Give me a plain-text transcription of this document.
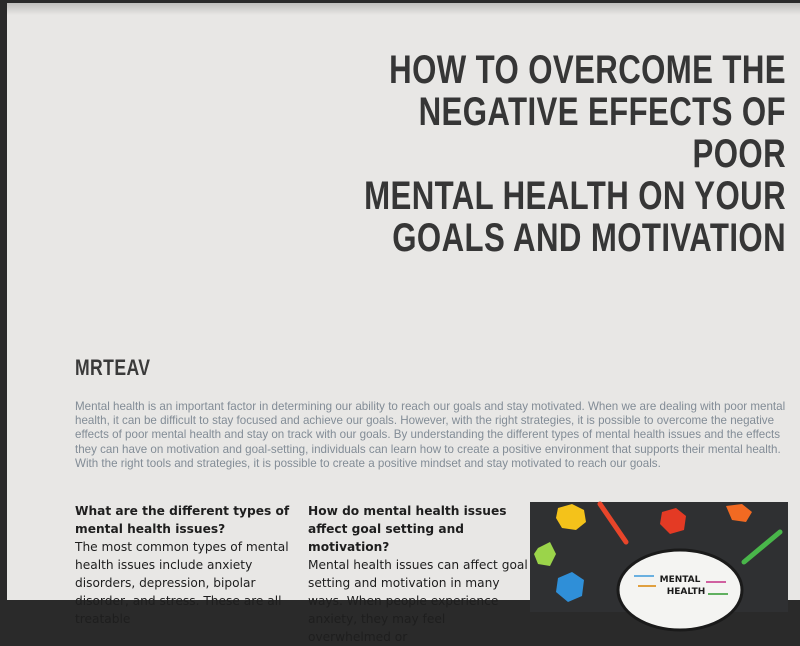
HOW TO OVERCOME THE
NEGATIVE EFFECTS OF POOR
MENTAL HEALTH ON YOUR
GOALS AND MOTIVATION
MRTEAV

Mental health is an important factor in determining our ability to reach our goals and stay motivated. When we are dealing with poor mental health, it can be difficult to stay focused and achieve our goals. However, with the right strategies, it is possible to overcome the negative effects of poor mental health and stay on track with our goals. By understanding the different types of mental health issues and the effects they can have on motivation and goal-setting, individuals can learn how to create a positive environment that supports their mental health. With the right tools and strategies, it is possible to create a positive mindset and stay motivated to reach our goals.

What are the different types of mental health issues?

The most common types of mental health issues include anxiety disorders, depression, bipolar disorder, and stress. These are all treatable

How do mental health issues affect goal setting and motivation?

Mental health issues can affect goal setting and motivation in many ways. When people experience anxiety, they may feel overwhelmed or

MENTAL
HEALTH
